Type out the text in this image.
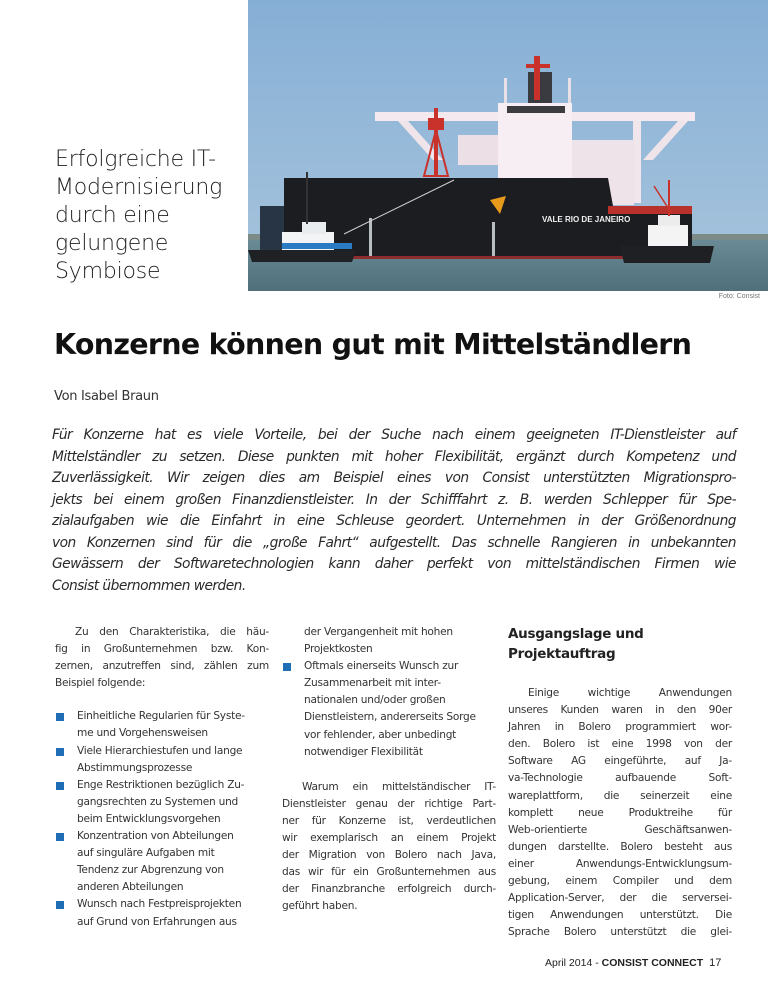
VALE RIO DE JANEIRO
Foto: Consist
Erfolgreiche IT-
Modernisierung
durch eine
gelungene
Symbiose
Konzerne können gut mit Mittelständlern
Von Isabel Braun
Für Konzerne hat es viele Vorteile, bei der Suche nach einem geeigneten IT-Dienstleister auf
Mittelständler zu setzen. Diese punkten mit hoher Flexibilität, ergänzt durch Kompetenz und
Zuverlässigkeit. Wir zeigen dies am Beispiel eines von Consist unterstützten Migrationspro-
jekts bei einem großen Finanzdienstleister. In der Schifffahrt z. B. werden Schlepper für Spe-
zialaufgaben wie die Einfahrt in eine Schleuse geordert. Unternehmen in der Größenordnung
von Konzernen sind für die „große Fahrt“ aufgestellt. Das schnelle Rangieren in unbekannten
Gewässern der Softwaretechnologien kann daher perfekt von mittelständischen Firmen wie
Consist übernommen werden.

Zu den Charakteristika, die häu-
fig in Großunternehmen bzw. Kon-
zernen, anzutreffen sind, zählen zum
Beispiel folgende:

Einheitliche Regularien für Syste-
me und Vorgehensweisen
Viele Hierarchiestufen und lange
Abstimmungsprozesse
Enge Restriktionen bezüglich Zu-
gangsrechten zu Systemen und
beim Entwicklungsvorgehen
Konzentration von Abteilungen
auf singuläre Aufgaben mit
Tendenz zur Abgrenzung von
anderen Abteilungen
Wunsch nach Festpreisprojekten
auf Grund von Erfahrungen aus
der Vergangenheit mit hohen
Projektkosten
Oftmals einerseits Wunsch zur
Zusammenarbeit mit inter-
nationalen und/oder großen
Dienstleistern, andererseits Sorge
vor fehlender, aber unbedingt
notwendiger Flexibilität

Warum ein mittelständischer IT-
Dienstleister genau der richtige Part-
ner für Konzerne ist, verdeutlichen
wir exemplarisch an einem Projekt
der Migration von Bolero nach Java,
das wir für ein Großunternehmen aus
der Finanzbranche erfolgreich durch-
geführt haben.

Ausgangslage und
Projektauftrag

Einige wichtige Anwendungen
unseres Kunden waren in den 90er
Jahren in Bolero programmiert wor-
den. Bolero ist eine 1998 von der
Software AG eingeführte, auf Ja-
va-Technologie aufbauende Soft-
wareplattform, die seinerzeit eine
komplett neue Produktreihe für
Web-orientierte Geschäftsanwen-
dungen darstellte. Bolero besteht aus
einer Anwendungs-Entwicklungsum-
gebung, einem Compiler und dem
Application-Server, der die serversei-
tigen Anwendungen unterstützt. Die
Sprache Bolero unterstützt die glei-

April 2014 - CONSIST CONNECT 17
